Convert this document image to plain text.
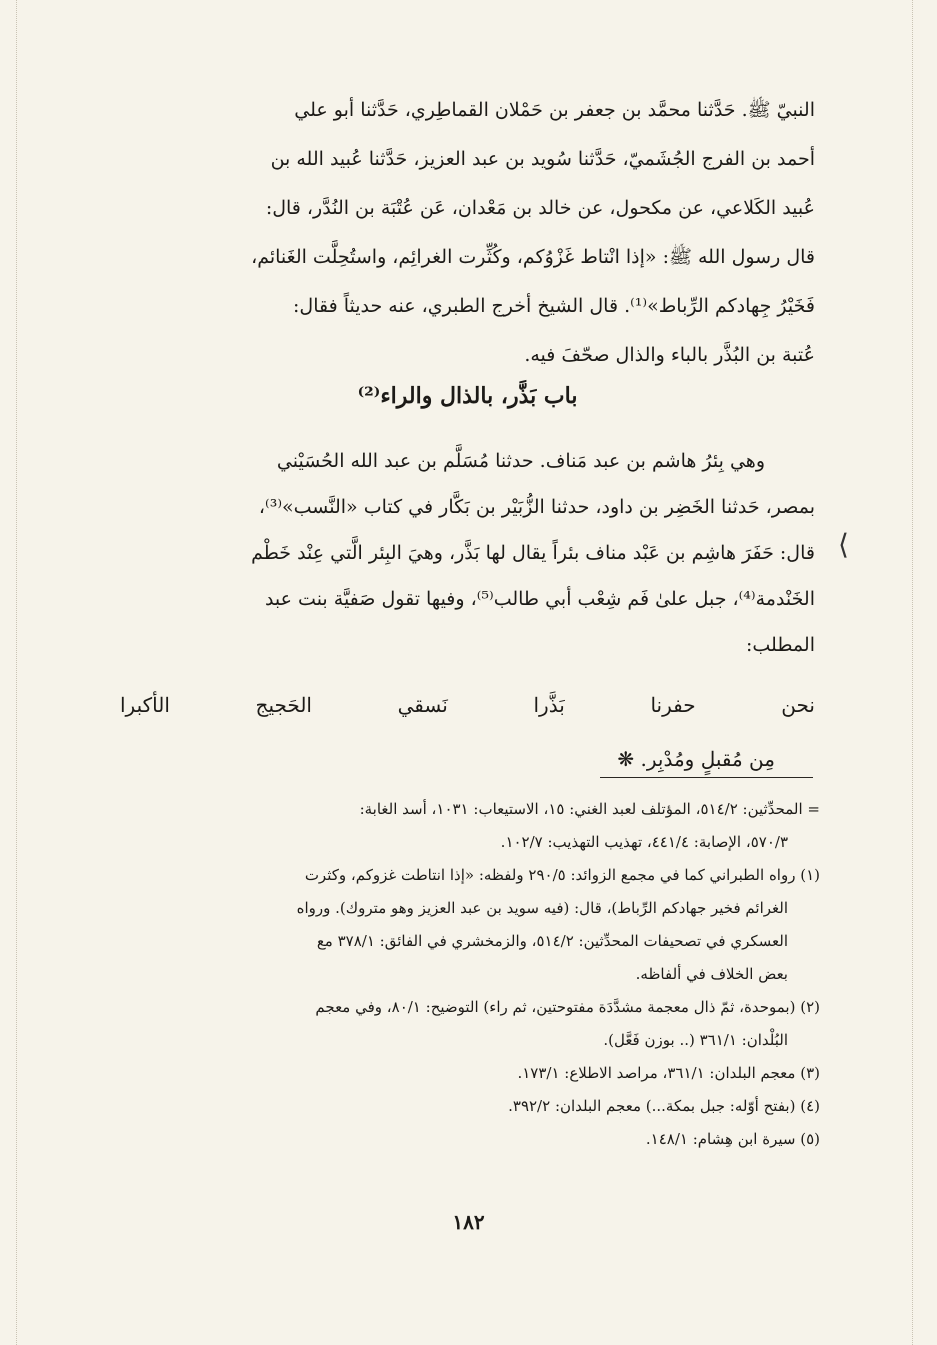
النبيّ ﷺ. حَدَّثنا محمَّد بن جعفر بن حَمْلان القماطِري، حَدَّثنا أبو علي

أحمد بن الفرج الجُشَميّ، حَدَّثنا سُويد بن عبد العزيز، حَدَّثنا عُبيد الله بن

عُبيد الكَلاعي، عن مكحول، عن خالد بن مَعْدان، عَن عُتْبَة بن النُدَّر، قال:

قال رسول الله ﷺ: «إذا انْتاط غَزْوُكم، وكُثِّرت الغرائِم، واستُحِلَّت الغَنائم،

فَخَيْرُ جِهادكم الرِّباط»⁽¹⁾. قال الشيخ أخرج الطبري، عنه حديثاً فقال:

عُتبة بن البُذَّر بالباء والذال صحّفَ فيه.

باب بَذَّر، بالذال والراء⁽²⁾

وهي بِئرُ هاشم بن عبد مَناف. حدثنا مُسَلَّم بن عبد الله الحُسَيْني

بمصر، حَدثنا الخَضِر بن داود، حدثنا الزُّبَيْر بن بَكَّار في كتاب «النَّسب»⁽³⁾،

قال: حَفَرَ هاشِم بن عَبْد مناف بئراً يقال لها بَذَّر، وهيَ البِئر الَّتي عِنْد خَطْم

الخَنْدمة⁽⁴⁾، جبل علىٰ فَم شِعْب أبي طالب⁽⁵⁾، وفيها تقول صَفيَّة بنت عبد

المطلب:

⟨
نحن حفرنا بَذَّرا نَسقي الحَجيج الأكبرا
مِن مُقبلٍ ومُدْبِر. ❋

= المحدِّثين: ٥١٤/٢، المؤتلف لعبد الغني: ١٥، الاستيعاب: ١٠٣١، أسد الغابة:

٥٧٠/٣، الإصابة: ٤٤١/٤، تهذيب التهذيب: ١٠٢/٧.

(١) رواه الطبراني كما في مجمع الزوائد: ٢٩٠/٥ ولفظه: «إذا انتاطت غزوكم، وكثرت

الغرائم فخير جهادكم الرِّباط)، قال: (فيه سويد بن عبد العزيز وهو متروك). ورواه

العسكري في تصحيفات المحدِّثين: ٥١٤/٢، والزمخشري في الفائق: ٣٧٨/١ مع

بعض الخلاف في ألفاظه.

(٢) (بموحدة، ثمّ ذال معجمة مشدَّدَة مفتوحتين، ثم راء) التوضيح: ٨٠/١، وفي معجم

البُلْدان: ٣٦١/١ (.. بوزن فَعَّل).

(٣) معجم البلدان: ٣٦١/١، مراصد الاطلاع: ١٧٣/١.

(٤) (بفتح أوّله: جبل بمكة...) معجم البلدان: ٣٩٢/٢.

(٥) سيرة ابن هِشام: ١٤٨/١.

١٨٢
